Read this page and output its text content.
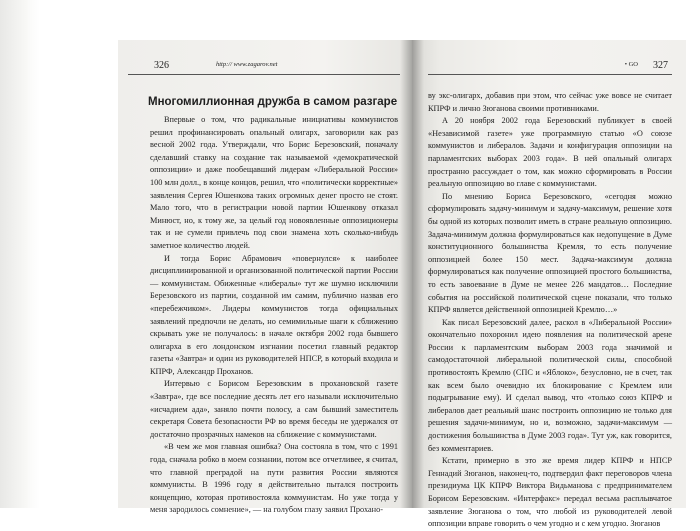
326	http:// www.zagarov.net	• GO 327
Многомиллионная дружба в самом разгаре

Впервые о том, что радикальные инициативы коммунистов решил профинансировать опальный олигарх, заговорили как раз весной 2002 года. Утверждали, что Борис Березовский, поначалу сделавший ставку на создание так называемой «демократической оппозиции» и даже пообещавший лидерам «Либеральной России» 100 млн долл., в конце концов, решил, что «политически корректные» заявления Сергея Юшенкова таких огромных денег просто не стоят. Мало того, что в регистрации новой партии Юшенкову отказал Минюст, но, к тому же, за целый год новоявленные оппозиционеры так и не сумели привлечь под свои знамена хоть сколько-нибудь заметное количество людей.

И тогда Борис Абрамович «повернулся» к наиболее дисциплинированной и организованной политической партии России — коммунистам. Обиженные «либералы» тут же шумно исключили Березовского из партии, созданной им самим, публично назвав его «перебежчиком». Лидеры коммунистов тогда официальных заявлений предпочли не делать, но семимильные шаги к сближению скрывать уже не получалось: в начале октября 2002 года бывшего олигарха в его лондонском изгнании посетил главный редактор газеты «Завтра» и один из руководителей НПСР, в который входила и КПРФ, Александр Проханов.

Интервью с Борисом Березовским в прохановской газете «Завтра», где все последние десять лет его называли исключительно «исчадием ада», заняло почти полосу, а сам бывший заместитель секретаря Совета безопасности РФ во время беседы не удержался от достаточно прозрачных намеков на сближение с коммунистами.

«В чем же моя главная ошибка? Она состояла в том, что с 1991 года, сначала робко в моем сознании, потом все отчетливее, я считал, что главной преградой на пути развития России являются коммунисты. В 1996 году я действительно пытался построить концепцию, которая противостояла коммунистам. Но уже тогда у меня зародилось сомнение», — на голубом глазу заявил Прохано-

ву экс-олигарх, добавив при этом, что сейчас уже вовсе не считает КПРФ и лично Зюганова своими противниками.

А 20 ноября 2002 года Березовский публикует в своей «Независимой газете» уже программную статью «О союзе коммунистов и либералов. Задачи и конфигурация оппозиции на парламентских выборах 2003 года». В ней опальный олигарх пространно рассуждает о том, как можно сформировать в России реальную оппозицию во главе с коммунистами.

По мнению Бориса Березовского, «сегодня можно сформулировать задачу-минимум и задачу-максимум, решение хотя бы одной из которых позволит иметь в стране реальную оппозицию. Задача-минимум должна формулироваться как недопущение в Думе конституционного большинства Кремля, то есть получение оппозицией более 150 мест. Задача-максимум должна формулироваться как получение оппозицией простого большинства, то есть завоевание в Думе не менее 226 мандатов… Последние события на российской политической сцене показали, что только КПРФ является действенной оппозицией Кремлю…»

Как писал Березовский далее, раскол в «Либеральной России» окончательно похоронил идею появления на политической арене России к парламентским выборам 2003 года значимой и самодостаточной либеральной политической силы, способной противостоять Кремлю (СПС и «Яблоко», безусловно, не в счет, так как всем было очевидно их блокирование с Кремлем или подыгрывание ему). И сделал вывод, что «только союз КПРФ и либералов дает реальный шанс построить оппозицию не только для решения задачи-минимум, но и, возможно, задачи-максимум — достижения большинства в Думе 2003 года». Тут уж, как говорится, без комментариев.

Кстати, примерно в это же время лидер КПРФ и НПСР Геннадий Зюганов, наконец-то, подтвердил факт переговоров члена президиума ЦК КПРФ Виктора Видьманова с предпринимателем Борисом Березовским. «Интерфакс» передал весьма расплывчатое заявление Зюганова о том, что любой из руководителей левой оппозиции вправе говорить о чем угодно и с кем угодно. Зюганов
